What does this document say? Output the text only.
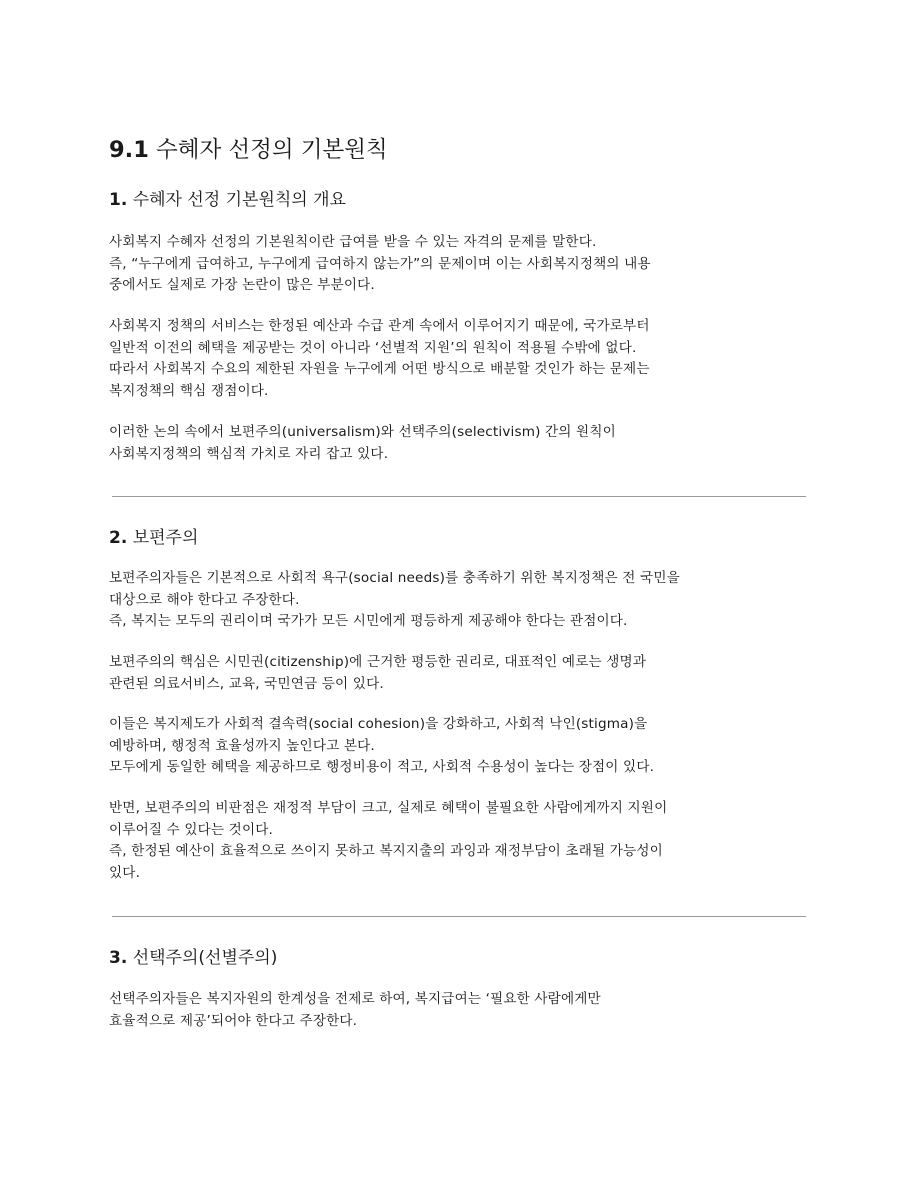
9.1 수혜자 선정의 기본원칙
1. 수혜자 선정 기본원칙의 개요
사회복지 수혜자 선정의 기본원칙이란 급여를 받을 수 있는 자격의 문제를 말한다.
즉, “누구에게 급여하고, 누구에게 급여하지 않는가”의 문제이며 이는 사회복지정책의 내용
중에서도 실제로 가장 논란이 많은 부분이다.
사회복지 정책의 서비스는 한정된 예산과 수급 관계 속에서 이루어지기 때문에, 국가로부터
일반적 이전의 혜택을 제공받는 것이 아니라 ‘선별적 지원’의 원칙이 적용될 수밖에 없다.
따라서 사회복지 수요의 제한된 자원을 누구에게 어떤 방식으로 배분할 것인가 하는 문제는
복지정책의 핵심 쟁점이다.
이러한 논의 속에서 보편주의(universalism)와 선택주의(selectivism) 간의 원칙이
사회복지정책의 핵심적 가치로 자리 잡고 있다.
2. 보편주의
보편주의자들은 기본적으로 사회적 욕구(social needs)를 충족하기 위한 복지정책은 전 국민을
대상으로 해야 한다고 주장한다.
즉, 복지는 모두의 권리이며 국가가 모든 시민에게 평등하게 제공해야 한다는 관점이다.
보편주의의 핵심은 시민권(citizenship)에 근거한 평등한 권리로, 대표적인 예로는 생명과
관련된 의료서비스, 교육, 국민연금 등이 있다.
이들은 복지제도가 사회적 결속력(social cohesion)을 강화하고, 사회적 낙인(stigma)을
예방하며, 행정적 효율성까지 높인다고 본다.
모두에게 동일한 혜택을 제공하므로 행정비용이 적고, 사회적 수용성이 높다는 장점이 있다.
반면, 보편주의의 비판점은 재정적 부담이 크고, 실제로 혜택이 불필요한 사람에게까지 지원이
이루어질 수 있다는 것이다.
즉, 한정된 예산이 효율적으로 쓰이지 못하고 복지지출의 과잉과 재정부담이 초래될 가능성이
있다.
3. 선택주의(선별주의)
선택주의자들은 복지자원의 한계성을 전제로 하여, 복지급여는 ‘필요한 사람에게만
효율적으로 제공’되어야 한다고 주장한다.
